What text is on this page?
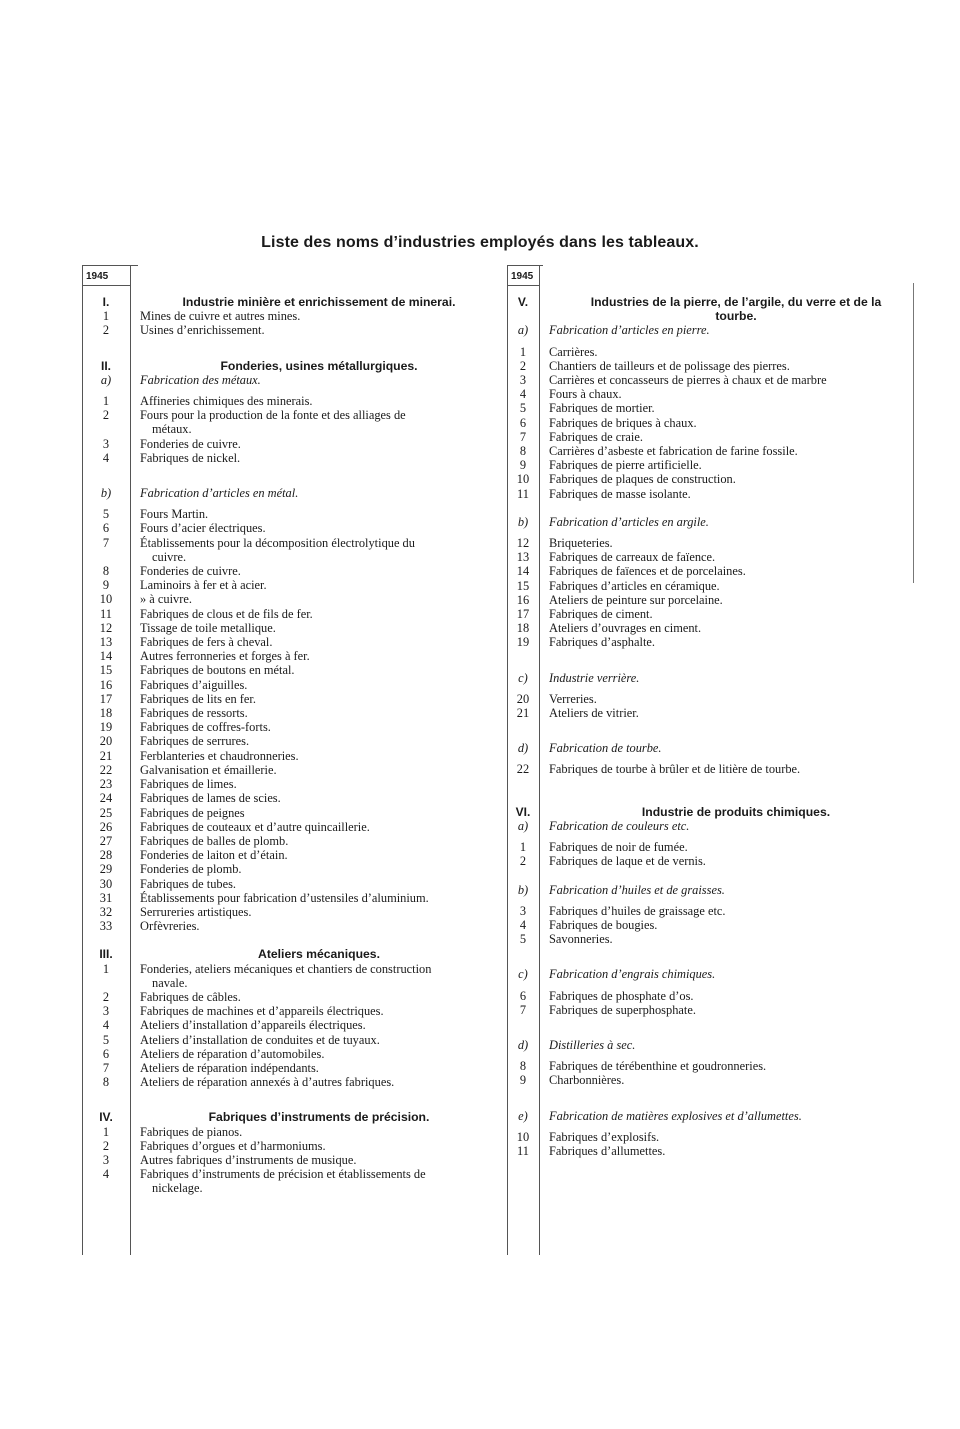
Liste des noms d’industries employés dans les tableaux.
1945
I.	Industrie minière et enrichissement de minerai.
1	Mines de cuivre et autres mines.
2	Usines d’enrichissement.
II.	Fonderies, usines métallurgiques.
a)	Fabrication des métaux.
1	Affineries chimiques des minerais.
2	Fours pour la production de la fonte et des alliages de
métaux.
3	Fonderies de cuivre.
4	Fabriques de nickel.
b)	Fabrication d’articles en métal.
5	Fours Martin.
6	Fours d’acier électriques.
7	Établissements pour la décomposition électrolytique du
cuivre.
8	Fonderies de cuivre.
9	Laminoirs à fer et à acier.
10	» à cuivre.
11	Fabriques de clous et de fils de fer.
12	Tissage de toile metallique.
13	Fabriques de fers à cheval.
14	Autres ferronneries et forges à fer.
15	Fabriques de boutons en métal.
16	Fabriques d’aiguilles.
17	Fabriques de lits en fer.
18	Fabriques de ressorts.
19	Fabriques de coffres-forts.
20	Fabriques de serrures.
21	Ferblanteries et chaudronneries.
22	Galvanisation et émaillerie.
23	Fabriques de limes.
24	Fabriques de lames de scies.
25	Fabriques de peignes
26	Fabriques de couteaux et d’autre quincaillerie.
27	Fabriques de balles de plomb.
28	Fonderies de laiton et d’étain.
29	Fonderies de plomb.
30	Fabriques de tubes.
31	Établissements pour fabrication d’ustensiles d’aluminium.
32	Serrureries artistiques.
33	Orfèvreries.
III.	Ateliers mécaniques.
1	Fonderies, ateliers mécaniques et chantiers de construction
navale.
2	Fabriques de câbles.
3	Fabriques de machines et d’appareils électriques.
4	Ateliers d’installation d’appareils électriques.
5	Ateliers d’installation de conduites et de tuyaux.
6	Ateliers de réparation d’automobiles.
7	Ateliers de réparation indépendants.
8	Ateliers de réparation annexés à d’autres fabriques.
IV.	Fabriques d’instruments de précision.
1	Fabriques de pianos.
2	Fabriques d’orgues et d’harmoniums.
3	Autres fabriques d’instruments de musique.
4	Fabriques d’instruments de précision et établissements de
nickelage.
1945
V.	Industries de la pierre, de l’argile, du verre et de la
tourbe.
a)	Fabrication d’articles en pierre.
1	Carrières.
2	Chantiers de tailleurs et de polissage des pierres.
3	Carrières et concasseurs de pierres à chaux et de marbre
4	Fours à chaux.
5	Fabriques de mortier.
6	Fabriques de briques à chaux.
7	Fabriques de craie.
8	Carrières d’asbeste et fabrication de farine fossile.
9	Fabriques de pierre artificielle.
10	Fabriques de plaques de construction.
11	Fabriques de masse isolante.
b)	Fabrication d’articles en argile.
12	Briqueteries.
13	Fabriques de carreaux de faïence.
14	Fabriques de faïences et de porcelaines.
15	Fabriques d’articles en céramique.
16	Ateliers de peinture sur porcelaine.
17	Fabriques de ciment.
18	Ateliers d’ouvrages en ciment.
19	Fabriques d’asphalte.
c)	Industrie verrière.
20	Verreries.
21	Ateliers de vitrier.
d)	Fabrication de tourbe.
22	Fabriques de tourbe à brûler et de litière de tourbe.
VI.	Industrie de produits chimiques.
a)	Fabrication de couleurs etc.
1	Fabriques de noir de fumée.
2	Fabriques de laque et de vernis.
b)	Fabrication d’huiles et de graisses.
3	Fabriques d’huiles de graissage etc.
4	Fabriques de bougies.
5	Savonneries.
c)	Fabrication d’engrais chimiques.
6	Fabriques de phosphate d’os.
7	Fabriques de superphosphate.
d)	Distilleries à sec.
8	Fabriques de térébenthine et goudronneries.
9	Charbonnières.
e)	Fabrication de matières explosives et d’allumettes.
10	Fabriques d’explosifs.
11	Fabriques d’allumettes.
